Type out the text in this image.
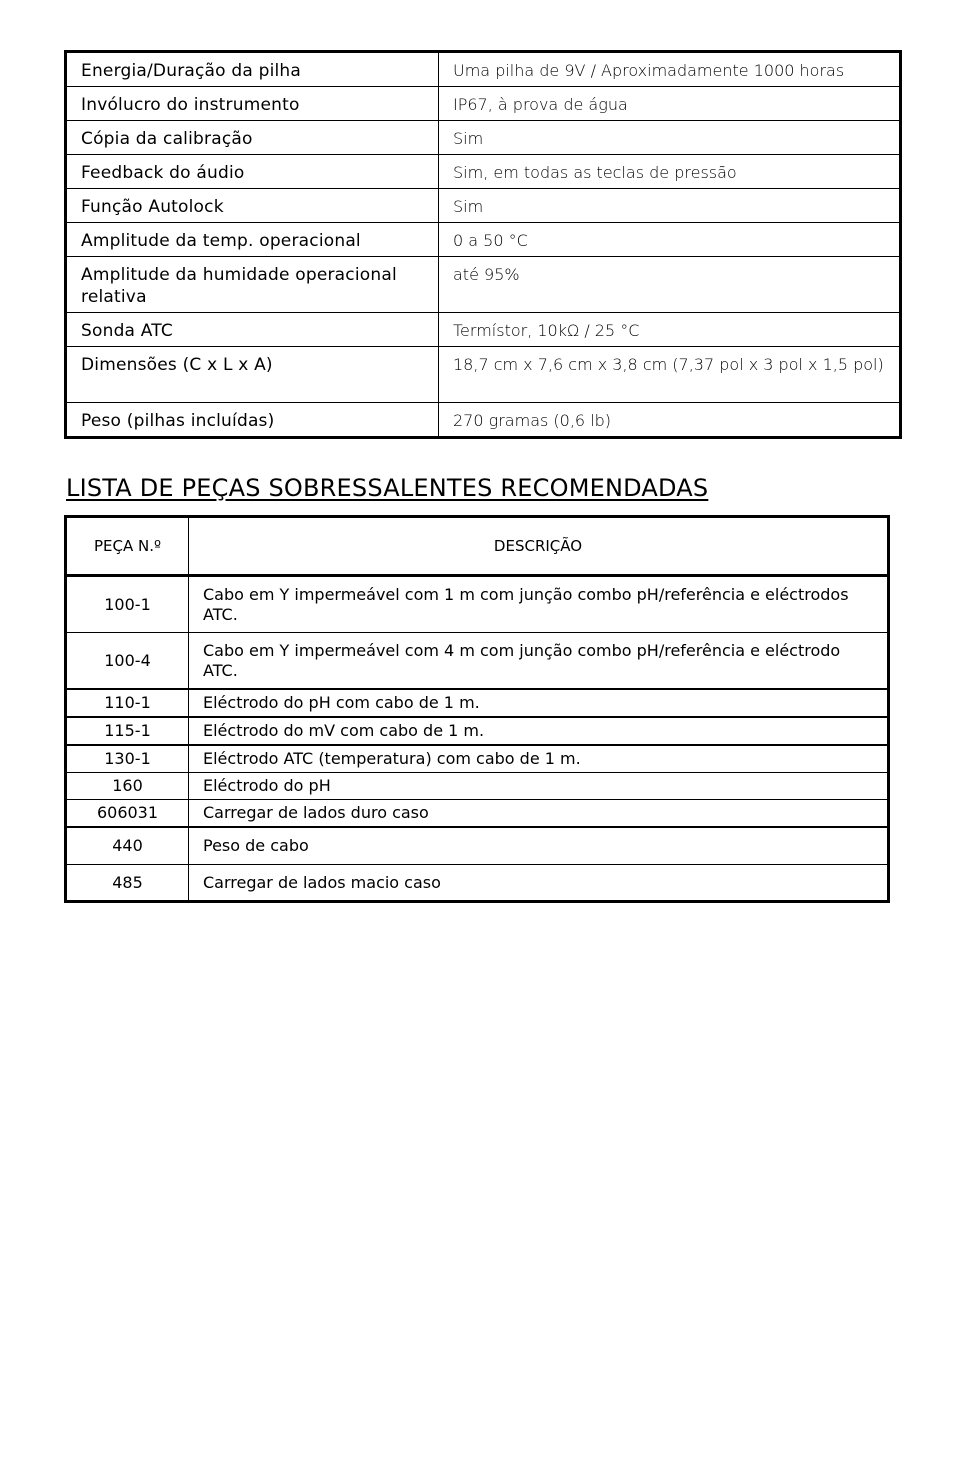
Energia/Duração da pilha	Uma pilha de 9V / Aproximadamente 1000 horas
Invólucro do instrumento	IP67, à prova de água
Cópia da calibração	Sim
Feedback do áudio	Sim, em todas as teclas de pressão
Função Autolock	Sim
Amplitude da temp. operacional	0 a 50 °C
Amplitude da humidade operacional relativa	até 95%
Sonda ATC	Termístor, 10kΩ / 25 °C
Dimensões (C x L x A)	18,7 cm x 7,6 cm x 3,8 cm (7,37 pol x 3 pol x 1,5 pol)
Peso (pilhas incluídas)	270 gramas (0,6 lb)
LISTA DE PEÇAS SOBRESSALENTES RECOMENDADAS
PEÇA N.º	DESCRIÇÃO
100-1	Cabo em Y impermeável com 1 m com junção combo pH/referência e eléctrodos ATC.
100-4	Cabo em Y impermeável com 4 m com junção combo pH/referência e eléctrodo ATC.
110-1	Eléctrodo do pH com cabo de 1 m.
115-1	Eléctrodo do mV com cabo de 1 m.
130-1	Eléctrodo ATC (temperatura) com cabo de 1 m.
160	Eléctrodo do pH
606031	Carregar de lados duro caso
440	Peso de cabo
485	Carregar de lados macio caso
